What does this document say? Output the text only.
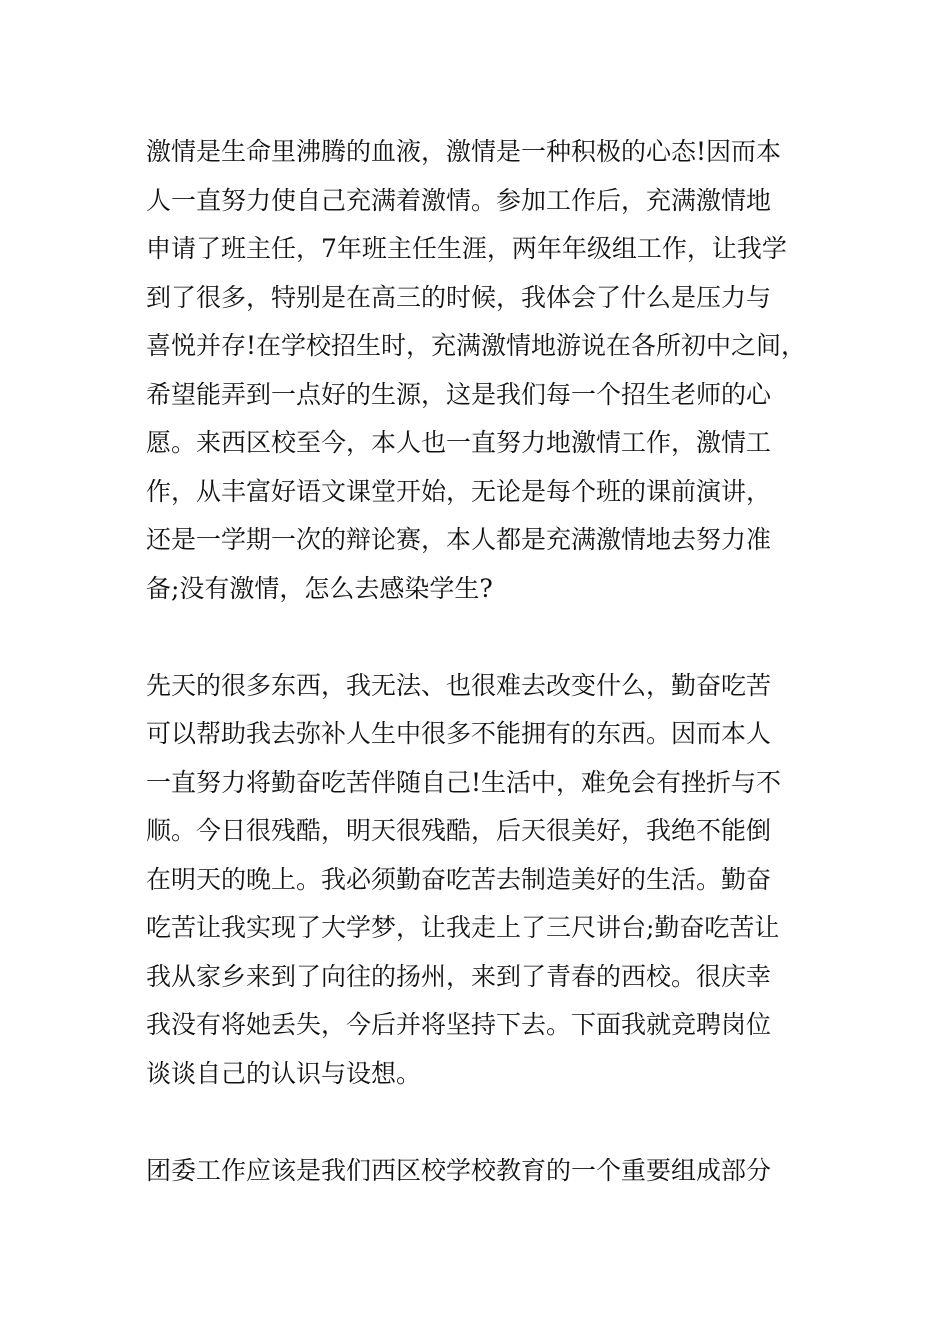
激情是生命里沸腾的血液，激情是一种积极的心态!因而本
人一直努力使自己充满着激情。参加工作后，充满激情地
申请了班主任，7年班主任生涯，两年年级组工作，让我学
到了很多，特别是在高三的时候，我体会了什么是压力与
喜悦并存!在学校招生时，充满激情地游说在各所初中之间，
希望能弄到一点好的生源，这是我们每一个招生老师的心
愿。来西区校至今，本人也一直努力地激情工作，激情工
作，从丰富好语文课堂开始，无论是每个班的课前演讲，
还是一学期一次的辩论赛，本人都是充满激情地去努力准
备;没有激情，怎么去感染学生?
先天的很多东西，我无法、也很难去改变什么，勤奋吃苦
可以帮助我去弥补人生中很多不能拥有的东西。因而本人
一直努力将勤奋吃苦伴随自己!生活中，难免会有挫折与不
顺。今日很残酷，明天很残酷，后天很美好，我绝不能倒
在明天的晚上。我必须勤奋吃苦去制造美好的生活。勤奋
吃苦让我实现了大学梦，让我走上了三尺讲台;勤奋吃苦让
我从家乡来到了向往的扬州，来到了青春的西校。很庆幸
我没有将她丢失，今后并将坚持下去。下面我就竞聘岗位
谈谈自己的认识与设想。
团委工作应该是我们西区校学校教育的一个重要组成部分
